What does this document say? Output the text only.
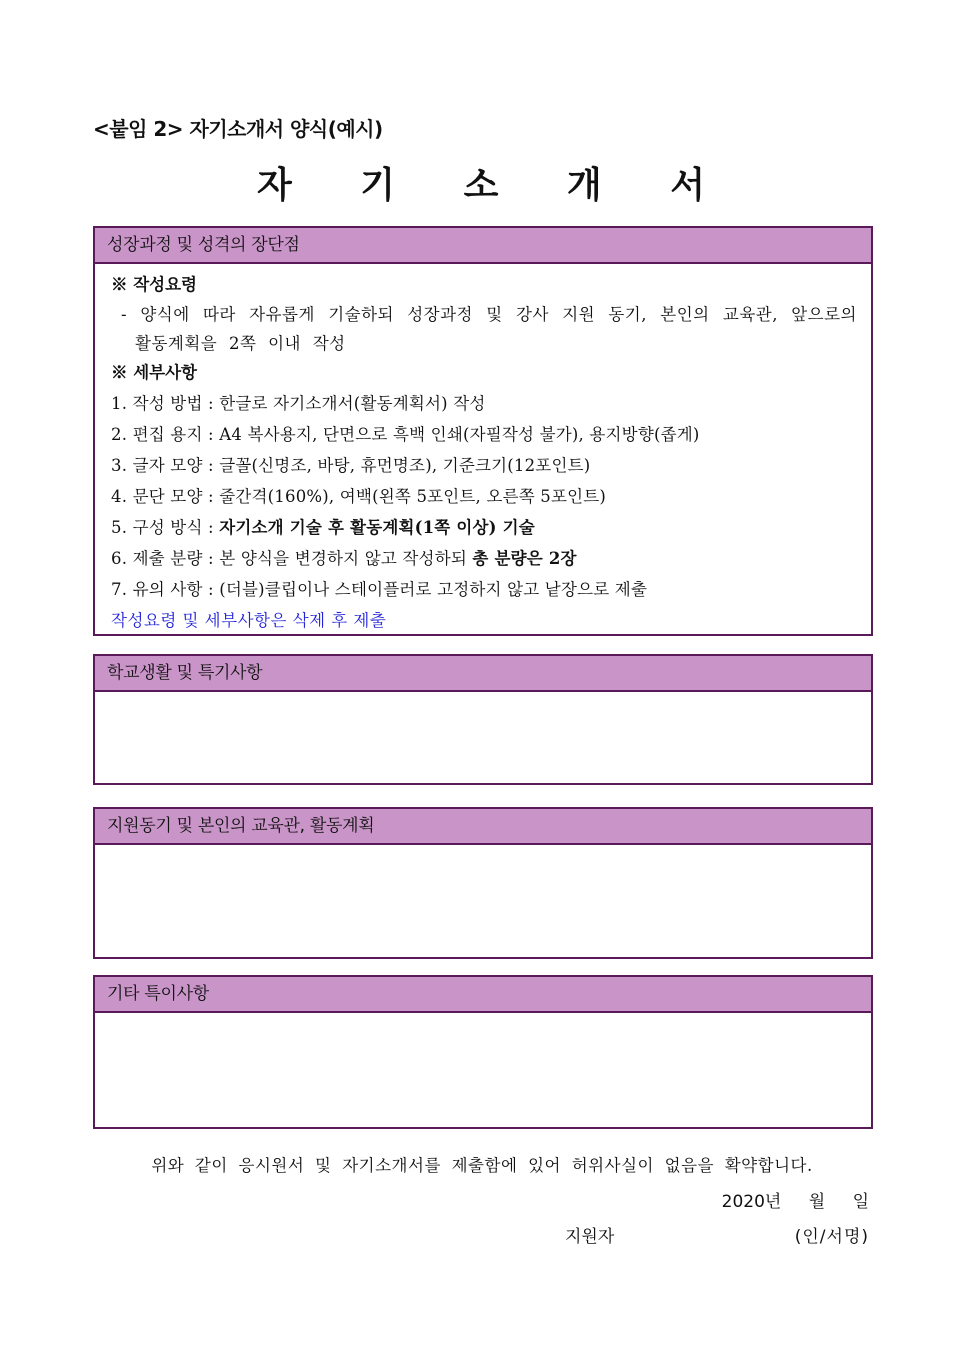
<붙임 2> 자기소개서 양식(예시)
자 기 소 개 서
성장과정 및 성격의 장단점
※ 작성요령
- 양식에 따라 자유롭게 기술하되 성장과정 및 강사 지원 동기, 본인의 교육관, 앞으로의 활동계획을 2쪽 이내 작성
※ 세부사항
1. 작성 방법 : 한글로 자기소개서(활동계획서) 작성
2. 편집 용지 : A4 복사용지, 단면으로 흑백 인쇄(자필작성 불가), 용지방향(좁게)
3. 글자 모양 : 글꼴(신명조, 바탕, 휴먼명조), 기준크기(12포인트)
4. 문단 모양 : 줄간격(160%), 여백(왼쪽 5포인트, 오른쪽 5포인트)
5. 구성 방식 : 자기소개 기술 후 활동계획(1쪽 이상) 기술
6. 제출 분량 : 본 양식을 변경하지 않고 작성하되 총 분량은 2장
7. 유의 사항 : (더블)클립이나 스테이플러로 고정하지 않고 낱장으로 제출
작성요령 및 세부사항은 삭제 후 제출
학교생활 및 특기사항
지원동기 및 본인의 교육관, 활동계획
기타 특이사항
위와 같이 응시원서 및 자기소개서를 제출함에 있어 허위사실이 없음을 확약합니다.
2020년 월 일
지원자	(인/서명)
